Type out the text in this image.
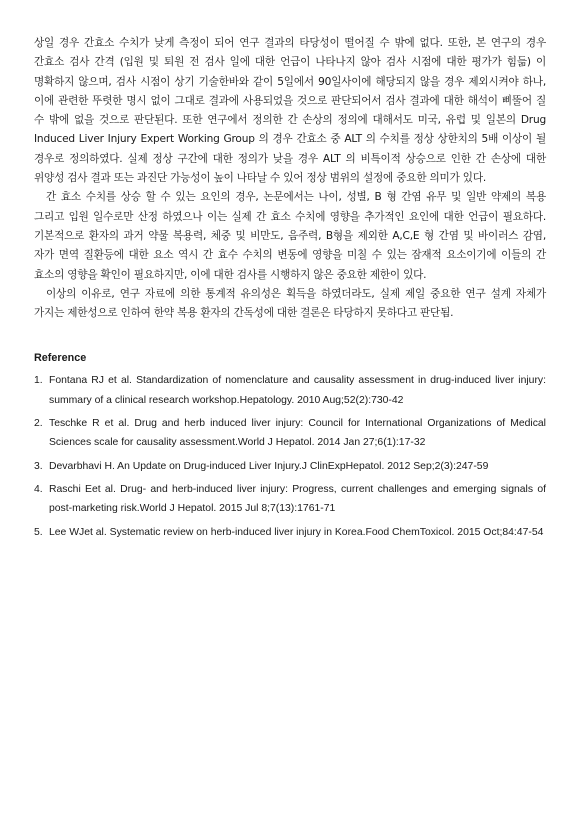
상일 경우 간효소 수치가 낮게 측정이 되어 연구 결과의 타당성이 떨어질 수 밖에 없다. 또한, 본 연구의 경우 간효소 검사 간격 (입원 및 퇴원 전 검사 일에 대한 언급이 나타나지 않아 검사 시점에 대한 평가가 힘듦) 이 명확하지 않으며, 검사 시점이 상기 기술한바와 같이 5일에서 90일사이에 해당되지 않을 경우 제외시켜야 하나, 이에 관련한 뚜렷한 명시 없이 그대로 결과에 사용되었을 것으로 판단되어서 검사 결과에 대한 해석이 삐뚤어 질 수 밖에 없을 것으로 판단된다. 또한 연구에서 정의한 간 손상의 정의에 대해서도 미국, 유럽 및 일본의 Drug Induced Liver Injury Expert Working Group 의 경우 간효소 중 ALT 의 수치를 정상 상한치의 5배 이상이 될 경우로 정의하였다. 실제 정상 구간에 대한 정의가 낮을 경우 ALT 의 비특이적 상승으로 인한 간 손상에 대한 위양성 검사 결과 또는 과진단 가능성이 높이 나타날 수 있어 정상 범위의 설정에 중요한 의미가 있다.

간 효소 수치를 상승 할 수 있는 요인의 경우, 논문에서는 나이, 성별, B 형 간염 유무 및 일반 약제의 복용 그리고 입원 일수로만 산정 하였으나 이는 실제 간 효소 수치에 영향을 추가적인 요인에 대한 언급이 필요하다. 기본적으로 환자의 과거 약물 복용력, 체중 및 비만도, 음주력, B형을 제외한 A,C,E 형 간염 및 바이러스 감염, 자가 면역 질환등에 대한 요소 역시 간 효수 수치의 변동에 영향을 미칠 수 있는 잠재적 요소이기에 이들의 간 효소의 영향을 확인이 필요하지만, 이에 대한 검사를 시행하지 않은 중요한 제한이 있다.

이상의 이유로, 연구 자료에 의한 통계적 유의성은 획득을 하였더라도, 실제 제일 중요한 연구 설계 자체가 가지는 제한성으로 인하여 한약 복용 환자의 간독성에 대한 결론은 타당하지 못하다고 판단됨.

Reference
1. Fontana RJ et al. Standardization of nomenclature and causality assessment in drug-induced liver injury: summary of a clinical research workshop.Hepatology. 2010 Aug;52(2):730-42
2. Teschke R et al. Drug and herb induced liver injury: Council for International Organizations of Medical Sciences scale for causality assessment.World J Hepatol. 2014 Jan 27;6(1):17-32
3. Devarbhavi H. An Update on Drug-induced Liver Injury.J ClinExpHepatol. 2012 Sep;2(3):247-59
4. Raschi Eet al. Drug- and herb-induced liver injury: Progress, current challenges and emerging signals of post-marketing risk.World J Hepatol. 2015 Jul 8;7(13):1761-71
5. Lee WJet al. Systematic review on herb-induced liver injury in Korea.Food ChemToxicol. 2015 Oct;84:47-54
